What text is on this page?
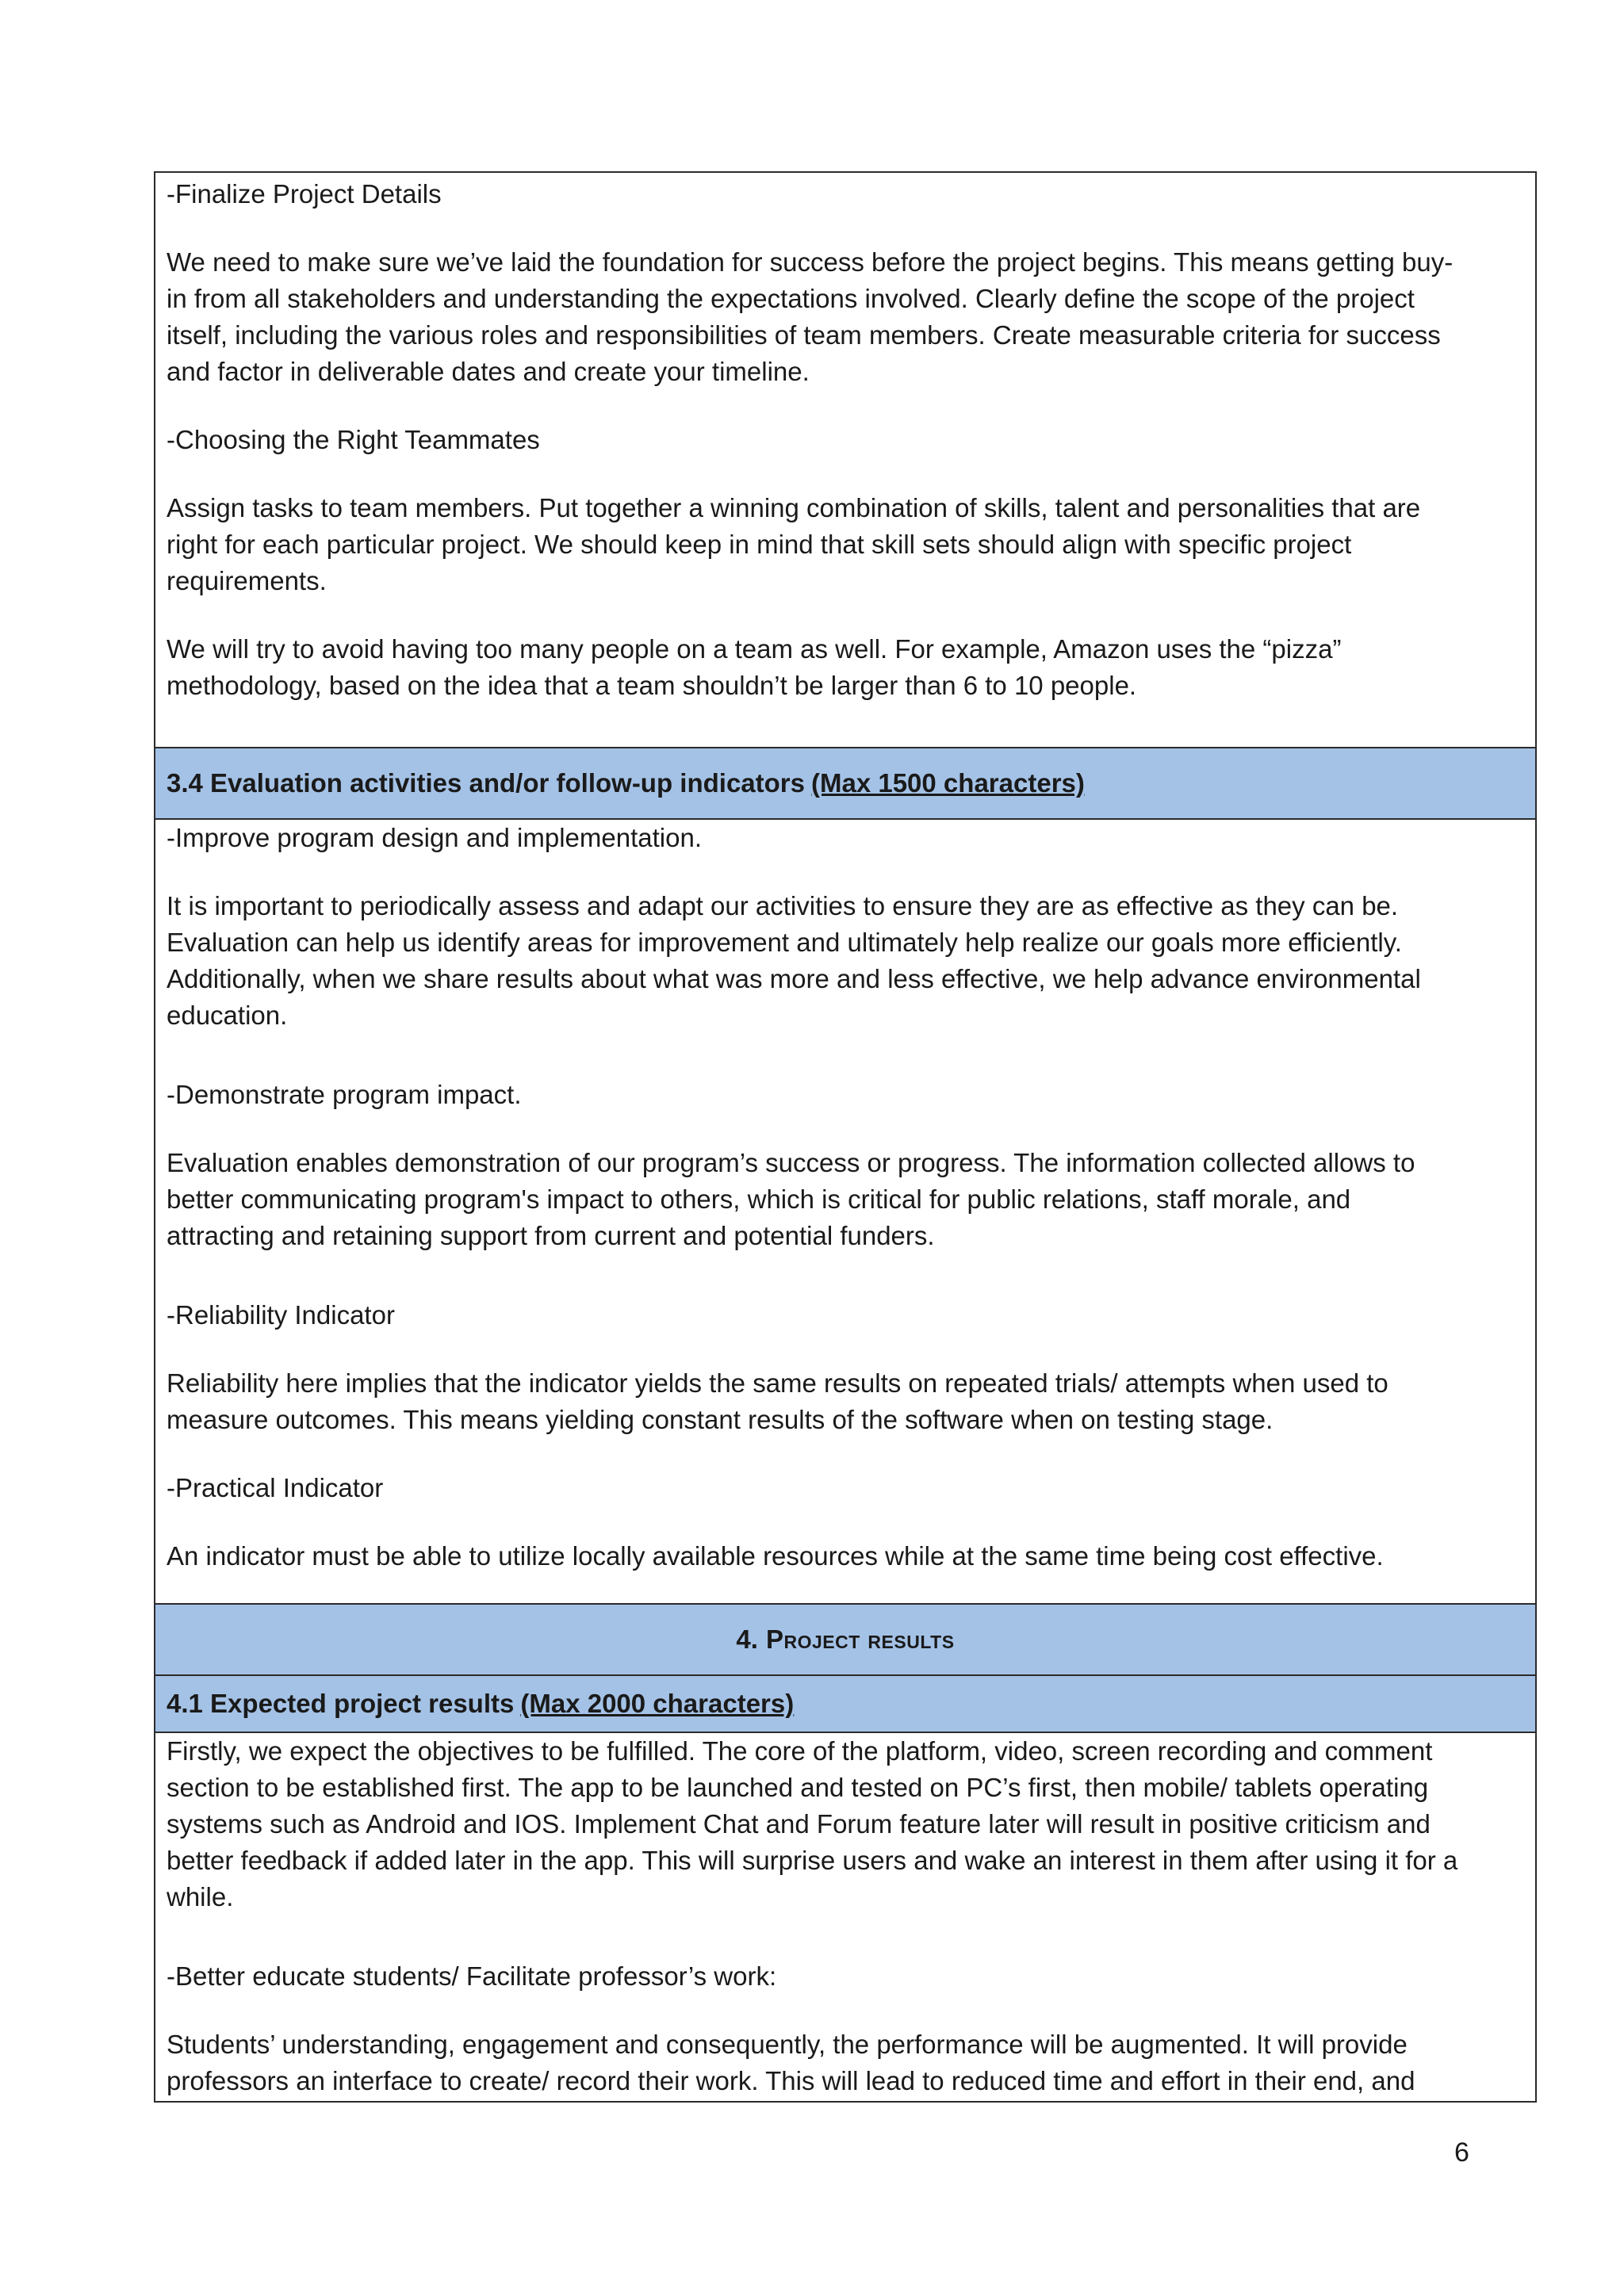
-Finalize Project Details

We need to make sure we’ve laid the foundation for success before the project begins. This means getting buy-

in from all stakeholders and understanding the expectations involved. Clearly define the scope of the project

itself, including the various roles and responsibilities of team members. Create measurable criteria for success

and factor in deliverable dates and create your timeline.

-Choosing the Right Teammates

Assign tasks to team members. Put together a winning combination of skills, talent and personalities that are

right for each particular project. We should keep in mind that skill sets should align with specific project

requirements.

We will try to avoid having too many people on a team as well. For example, Amazon uses the “pizza”

methodology, based on the idea that a team shouldn’t be larger than 6 to 10 people.

3.4 Evaluation activities and/or follow-up indicators (Max 1500 characters)

-Improve program design and implementation.

It is important to periodically assess and adapt our activities to ensure they are as effective as they can be.

Evaluation can help us identify areas for improvement and ultimately help realize our goals more efficiently.

Additionally, when we share results about what was more and less effective, we help advance environmental

education.

-Demonstrate program impact.

Evaluation enables demonstration of our program’s success or progress. The information collected allows to

better communicating program's impact to others, which is critical for public relations, staff morale, and

attracting and retaining support from current and potential funders.

-Reliability Indicator

Reliability here implies that the indicator yields the same results on repeated trials/ attempts when used to

measure outcomes. This means yielding constant results of the software when on testing stage.

-Practical Indicator

An indicator must be able to utilize locally available resources while at the same time being cost effective.

4. Project results
4.1 Expected project results (Max 2000 characters)

Firstly, we expect the objectives to be fulfilled. The core of the platform, video, screen recording and comment

section to be established first. The app to be launched and tested on PC’s first, then mobile/ tablets operating

systems such as Android and IOS. Implement Chat and Forum feature later will result in positive criticism and

better feedback if added later in the app. This will surprise users and wake an interest in them after using it for a

while.

-Better educate students/ Facilitate professor’s work:

Students’ understanding, engagement and consequently, the performance will be augmented. It will provide

professors an interface to create/ record their work. This will lead to reduced time and effort in their end, and

6
